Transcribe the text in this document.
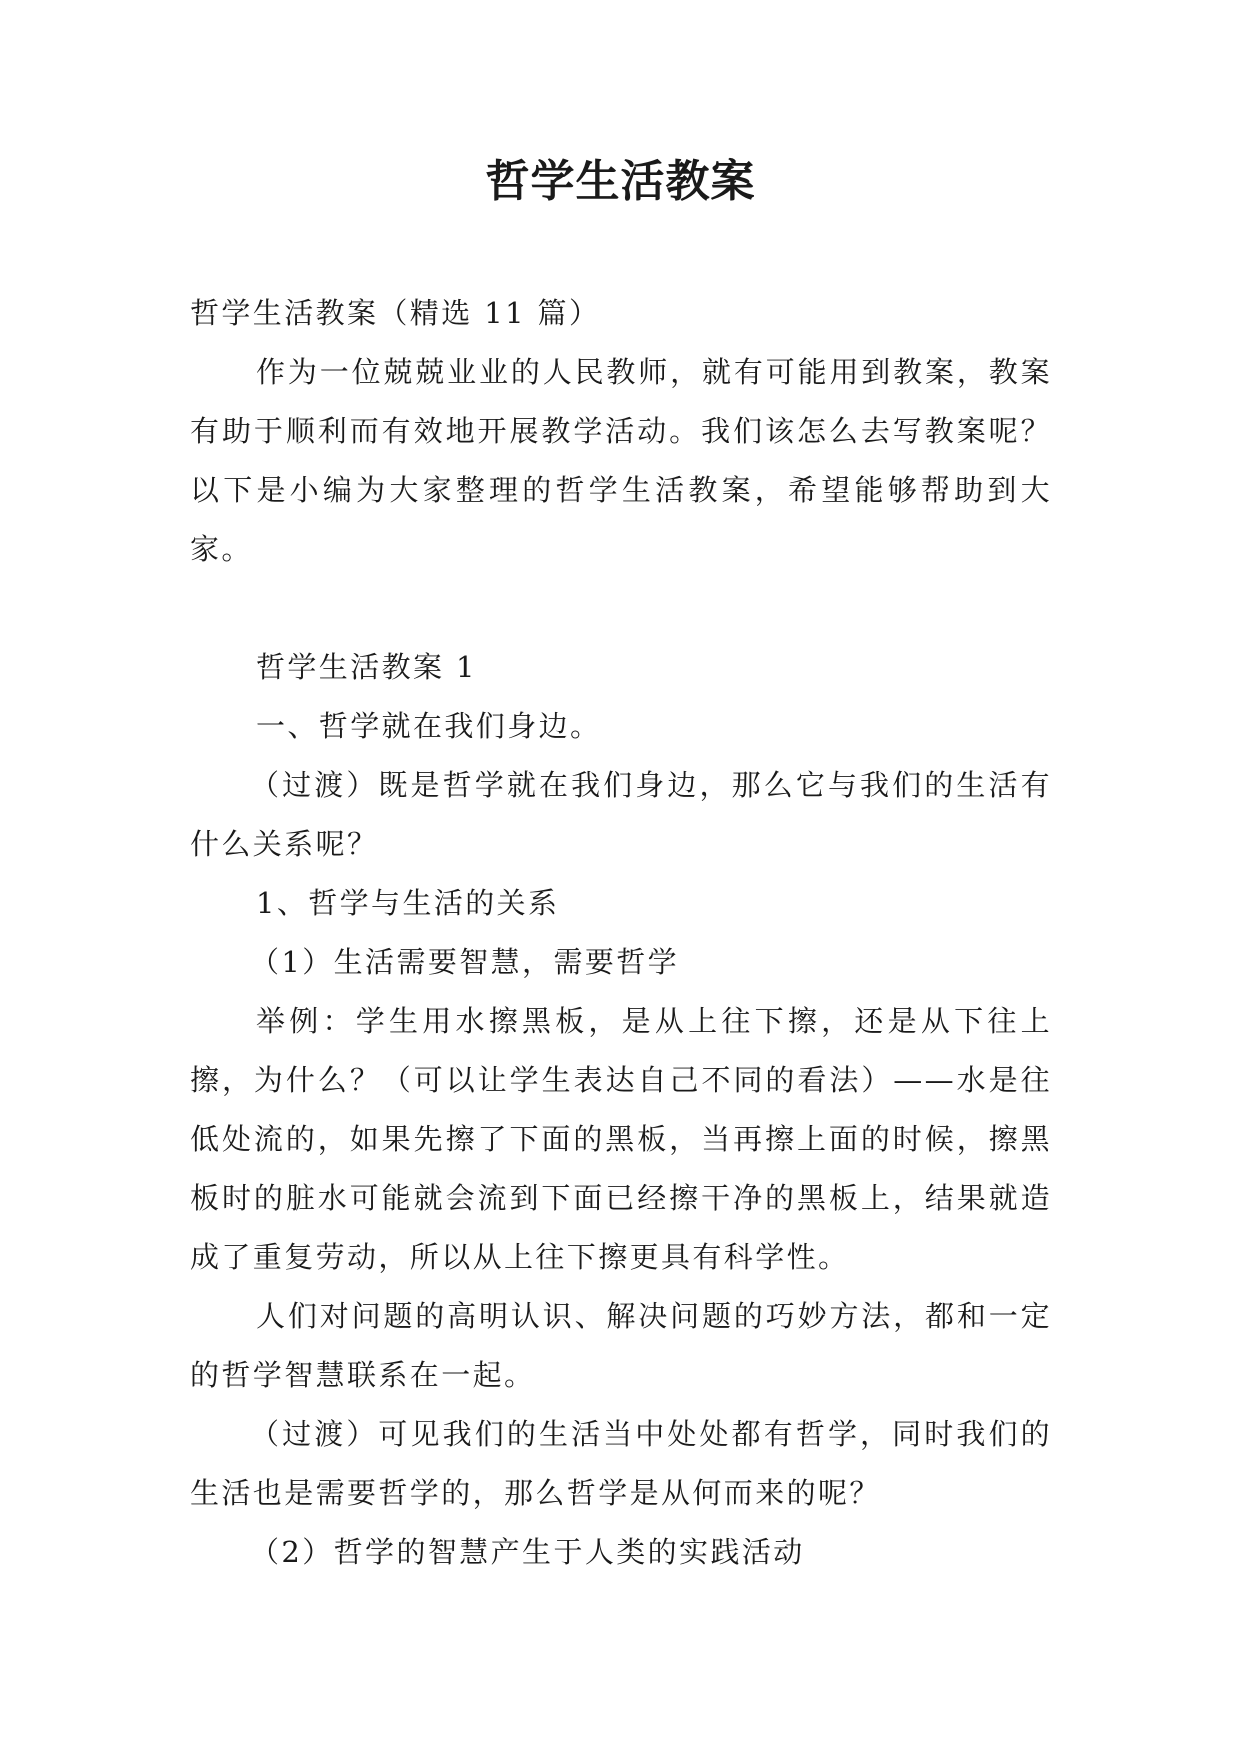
哲学生活教案

哲学生活教案（精选 11 篇）

作为一位兢兢业业的人民教师，就有可能用到教案，教案有助于顺利而有效地开展教学活动。我们该怎么去写教案呢？以下是小编为大家整理的哲学生活教案，希望能够帮助到大家。

哲学生活教案 1

一、哲学就在我们身边。

（过渡）既是哲学就在我们身边，那么它与我们的生活有什么关系呢？

1、哲学与生活的关系

（1）生活需要智慧，需要哲学

举例：学生用水擦黑板，是从上往下擦，还是从下往上擦，为什么？（可以让学生表达自己不同的看法）——水是往低处流的，如果先擦了下面的黑板，当再擦上面的时候，擦黑板时的脏水可能就会流到下面已经擦干净的黑板上，结果就造成了重复劳动，所以从上往下擦更具有科学性。

人们对问题的高明认识、解决问题的巧妙方法，都和一定的哲学智慧联系在一起。

（过渡）可见我们的生活当中处处都有哲学，同时我们的生活也是需要哲学的，那么哲学是从何而来的呢？

（2）哲学的智慧产生于人类的实践活动
